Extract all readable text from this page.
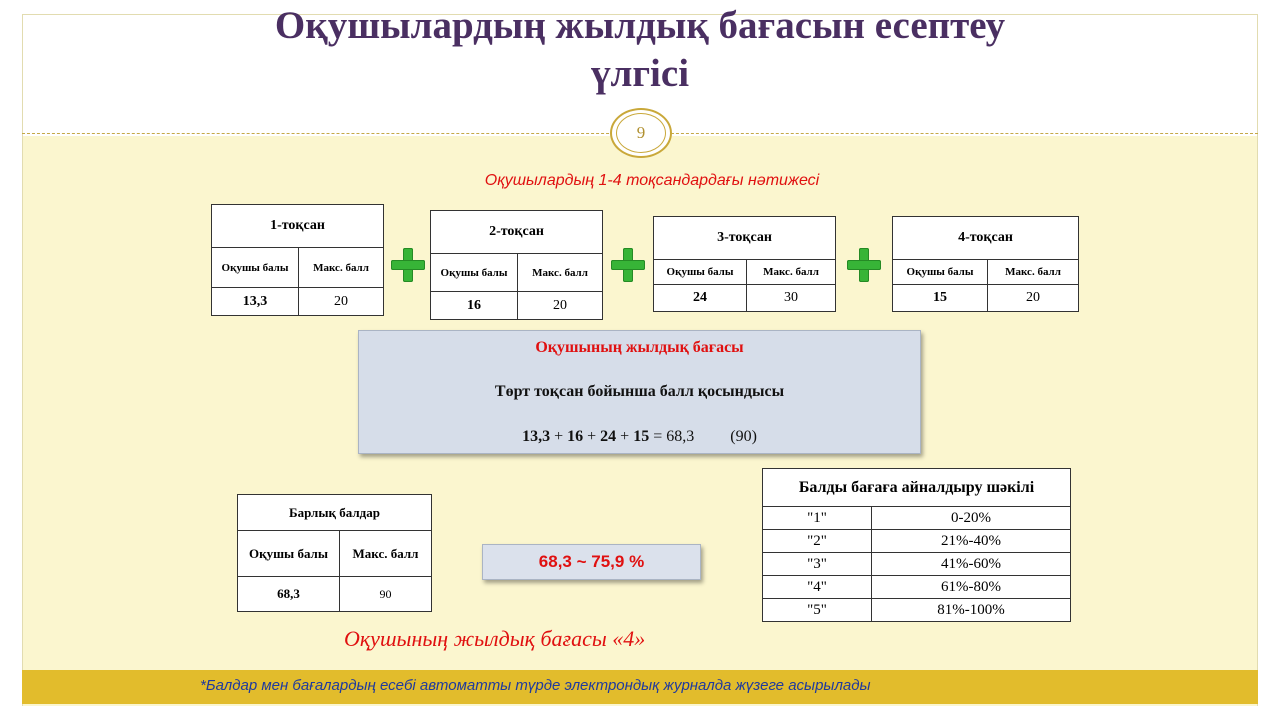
Оқушылардың жылдық бағасын есептеу
үлгісі
9
Оқушылардың 1-4 тоқсандардағы нәтижесі
1-тоқсан	
Оқушы балы	Макс. балл
13,3	20
2-тоқсан	
Оқушы балы	Макс. балл
16	20
3-тоқсан	
Оқушы балы	Макс. балл
24	30
4-тоқсан	
Оқушы балы	Макс. балл
15	20
Оқушының жылдық бағасы
Төрт тоқсан бойынша балл қосындысы
13,3 + 16 + 24 + 15 = 68,3 (90)
Барлық балдар	
Оқушы балы	Макс. балл
68,3	90
68,3 ~ 75,9 %
Оқушының жылдық бағасы «4»
Балды бағаға айналдыру шәкілі	
"1"	0-20%
"2"	21%-40%
"3"	41%-60%
"4"	61%-80%
"5"	81%-100%
*Балдар мен бағалардың есебі автоматты түрде электрондық журналда жүзеге асырылады
